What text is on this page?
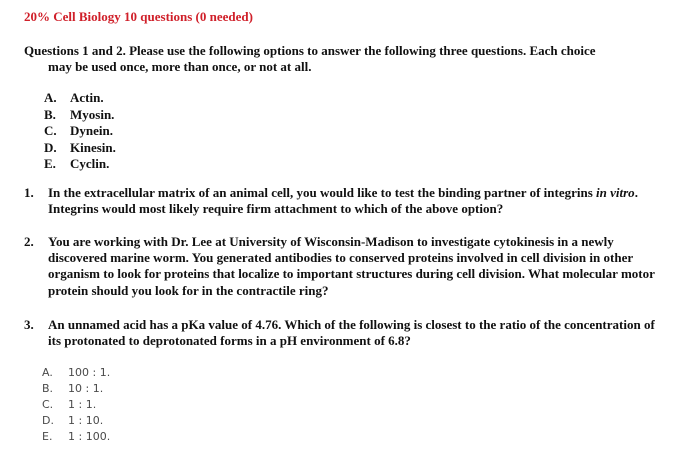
20% Cell Biology 10 questions (0 needed)
Questions 1 and 2. Please use the following options to answer the following three questions. Each choice
may be used once, more than once, or not at all.
A.	Actin.
B.	Myosin.
C.	Dynein.
D.	Kinesin.
E.	Cyclin.
1. In the extracellular matrix of an animal cell, you would like to test the binding partner of integrins in vitro. Integrins would most likely require firm attachment to which of the above option?
2. You are working with Dr. Lee at University of Wisconsin-Madison to investigate cytokinesis in a newly discovered marine worm. You generated antibodies to conserved proteins involved in cell division in other organism to look for proteins that localize to important structures during cell division. What molecular motor protein should you look for in the contractile ring?
3. An unnamed acid has a pKa value of 4.76. Which of the following is closest to the ratio of the concentration of its protonated to deprotonated forms in a pH environment of 6.8?
A.	100 : 1.
B.	10 : 1.
C.	1 : 1.
D.	1 : 10.
E.	1 : 100.
